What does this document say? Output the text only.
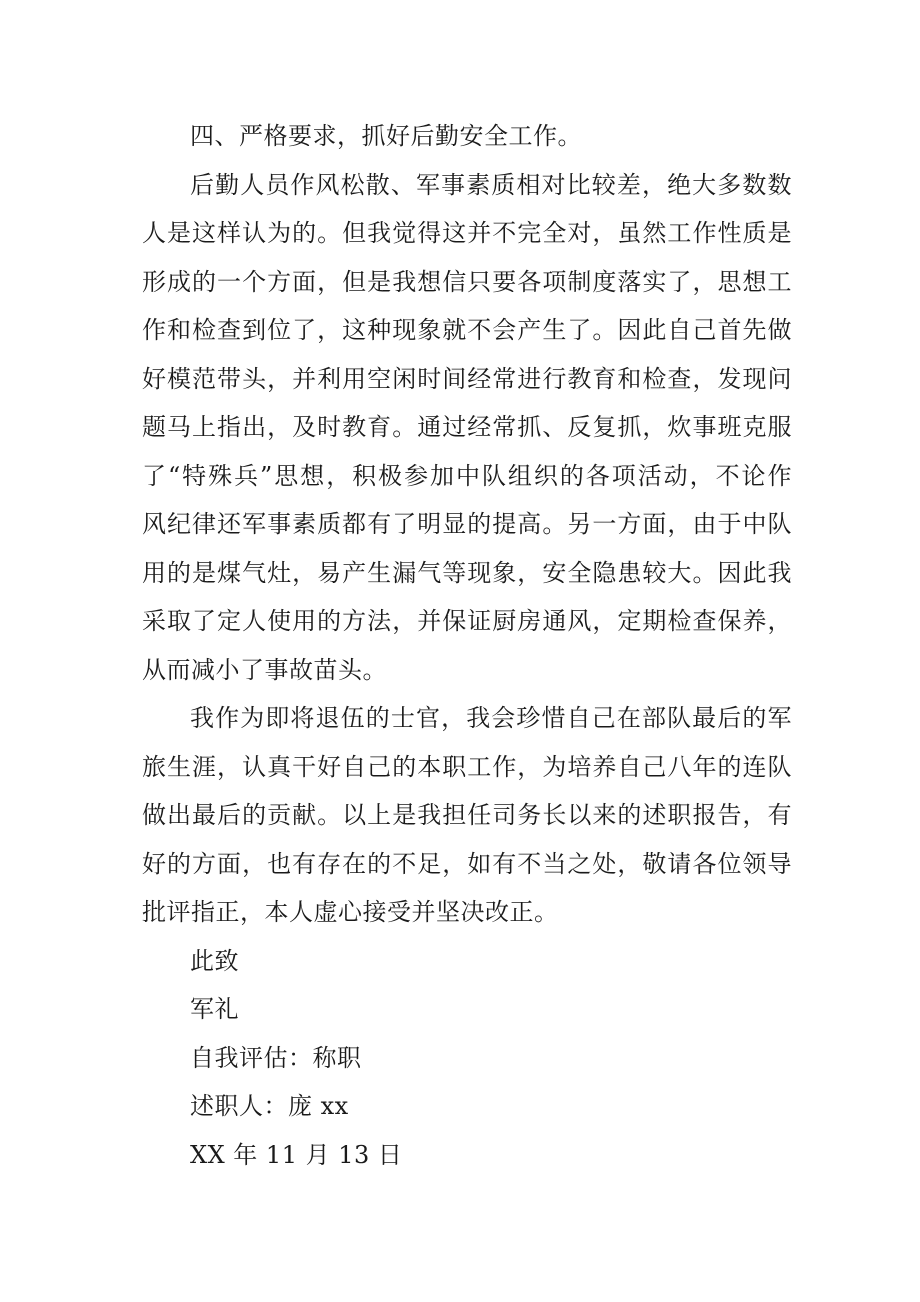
四、严格要求，抓好后勤安全工作。
后勤人员作风松散、军事素质相对比较差，绝大多数数
人是这样认为的。但我觉得这并不完全对，虽然工作性质是
形成的一个方面，但是我想信只要各项制度落实了，思想工
作和检查到位了，这种现象就不会产生了。因此自己首先做
好模范带头，并利用空闲时间经常进行教育和检查，发现问
题马上指出，及时教育。通过经常抓、反复抓，炊事班克服
了“特殊兵”思想，积极参加中队组织的各项活动，不论作
风纪律还军事素质都有了明显的提高。另一方面，由于中队
用的是煤气灶，易产生漏气等现象，安全隐患较大。因此我
采取了定人使用的方法，并保证厨房通风，定期检查保养，
从而减小了事故苗头。
我作为即将退伍的士官，我会珍惜自己在部队最后的军
旅生涯，认真干好自己的本职工作，为培养自己八年的连队
做出最后的贡献。以上是我担任司务长以来的述职报告，有
好的方面，也有存在的不足，如有不当之处，敬请各位领导
批评指正，本人虚心接受并坚决改正。
此致
军礼
自我评估：称职
述职人：庞 xx
XX 年 11 月 13 日
